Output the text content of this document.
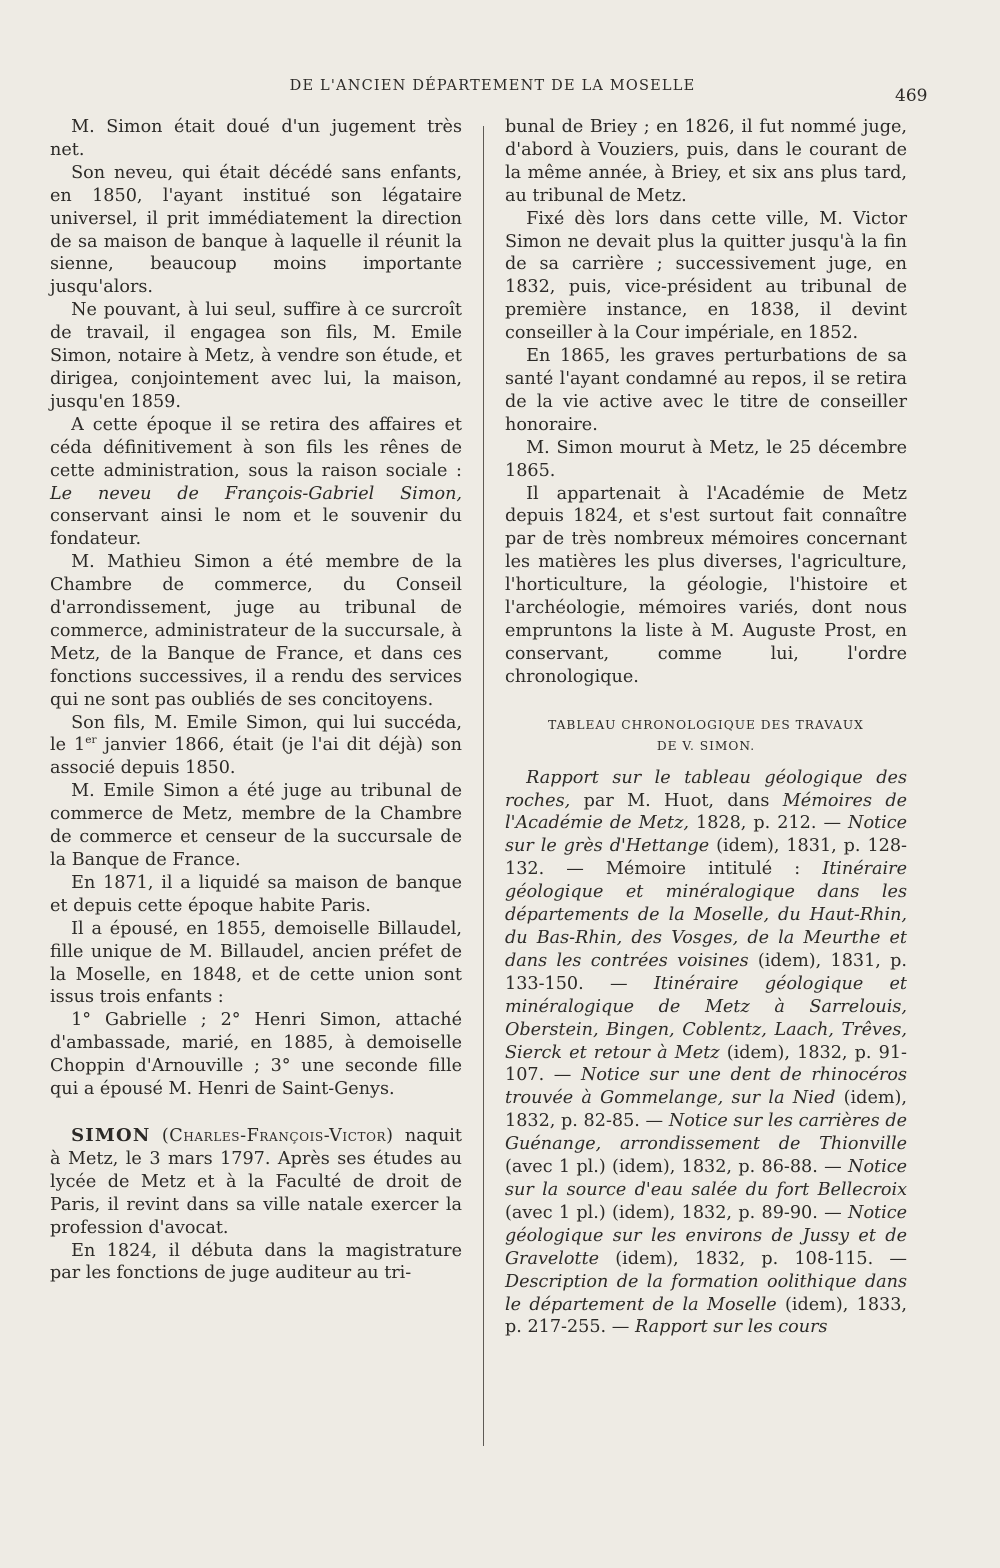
DE L'ANCIEN DÉPARTEMENT DE LA MOSELLE	469

M. Simon était doué d'un jugement très net.

Son neveu, qui était décédé sans enfants, en 1850, l'ayant institué son légataire universel, il prit immédiatement la direction de sa maison de banque à laquelle il réunit la sienne, beaucoup moins importante jusqu'alors.

Ne pouvant, à lui seul, suffire à ce surcroît de travail, il engagea son fils, M. Emile Simon, notaire à Metz, à vendre son étude, et dirigea, conjointement avec lui, la maison, jusqu'en 1859.

A cette époque il se retira des affaires et céda définitivement à son fils les rênes de cette administration, sous la raison sociale : Le neveu de François-Gabriel Simon, conservant ainsi le nom et le souvenir du fondateur.

M. Mathieu Simon a été membre de la Chambre de commerce, du Conseil d'arrondissement, juge au tribunal de commerce, administrateur de la succursale, à Metz, de la Banque de France, et dans ces fonctions successives, il a rendu des services qui ne sont pas oubliés de ses concitoyens.

Son fils, M. Emile Simon, qui lui succéda, le 1er janvier 1866, était (je l'ai dit déjà) son associé depuis 1850.

M. Emile Simon a été juge au tribunal de commerce de Metz, membre de la Chambre de commerce et censeur de la succursale de la Banque de France.

En 1871, il a liquidé sa maison de banque et depuis cette époque habite Paris.

Il a épousé, en 1855, demoiselle Billaudel, fille unique de M. Billaudel, ancien préfet de la Moselle, en 1848, et de cette union sont issus trois enfants :

1° Gabrielle ; 2° Henri Simon, attaché d'ambassade, marié, en 1885, à demoiselle Choppin d'Arnouville ; 3° une seconde fille qui a épousé M. Henri de Saint-Genys.

SIMON (Charles-François-Victor) naquit à Metz, le 3 mars 1797. Après ses études au lycée de Metz et à la Faculté de droit de Paris, il revint dans sa ville natale exercer la profession d'avocat.

En 1824, il débuta dans la magistrature par les fonctions de juge auditeur au tri-

bunal de Briey ; en 1826, il fut nommé juge, d'abord à Vouziers, puis, dans le courant de la même année, à Briey, et six ans plus tard, au tribunal de Metz.

Fixé dès lors dans cette ville, M. Victor Simon ne devait plus la quitter jusqu'à la fin de sa carrière ; successivement juge, en 1832, puis, vice-président au tribunal de première instance, en 1838, il devint conseiller à la Cour impériale, en 1852.

En 1865, les graves perturbations de sa santé l'ayant condamné au repos, il se retira de la vie active avec le titre de conseiller honoraire.

M. Simon mourut à Metz, le 25 décembre 1865.

Il appartenait à l'Académie de Metz depuis 1824, et s'est surtout fait connaître par de très nombreux mémoires concernant les matières les plus diverses, l'agriculture, l'horticulture, la géologie, l'histoire et l'archéologie, mémoires variés, dont nous empruntons la liste à M. Auguste Prost, en conservant, comme lui, l'ordre chronologique.

TABLEAU CHRONOLOGIQUE DES TRAVAUX

DE V. SIMON.

Rapport sur le tableau géologique des roches, par M. Huot, dans Mémoires de l'Académie de Metz, 1828, p. 212. — Notice sur le grès d'Hettange (idem), 1831, p. 128-132. — Mémoire intitulé : Itinéraire géologique et minéralogique dans les départements de la Moselle, du Haut-Rhin, du Bas-Rhin, des Vosges, de la Meurthe et dans les contrées voisines (idem), 1831, p. 133-150. — Itinéraire géologique et minéralogique de Metz à Sarrelouis, Oberstein, Bingen, Coblentz, Laach, Trêves, Sierck et retour à Metz (idem), 1832, p. 91-107. — Notice sur une dent de rhinocéros trouvée à Gommelange, sur la Nied (idem), 1832, p. 82-85. — Notice sur les carrières de Guénange, arrondissement de Thionville (avec 1 pl.) (idem), 1832, p. 86-88. — Notice sur la source d'eau salée du fort Bellecroix (avec 1 pl.) (idem), 1832, p. 89-90. — Notice géologique sur les environs de Jussy et de Gravelotte (idem), 1832, p. 108-115. — Description de la formation oolithique dans le département de la Moselle (idem), 1833, p. 217-255. — Rapport sur les cours
